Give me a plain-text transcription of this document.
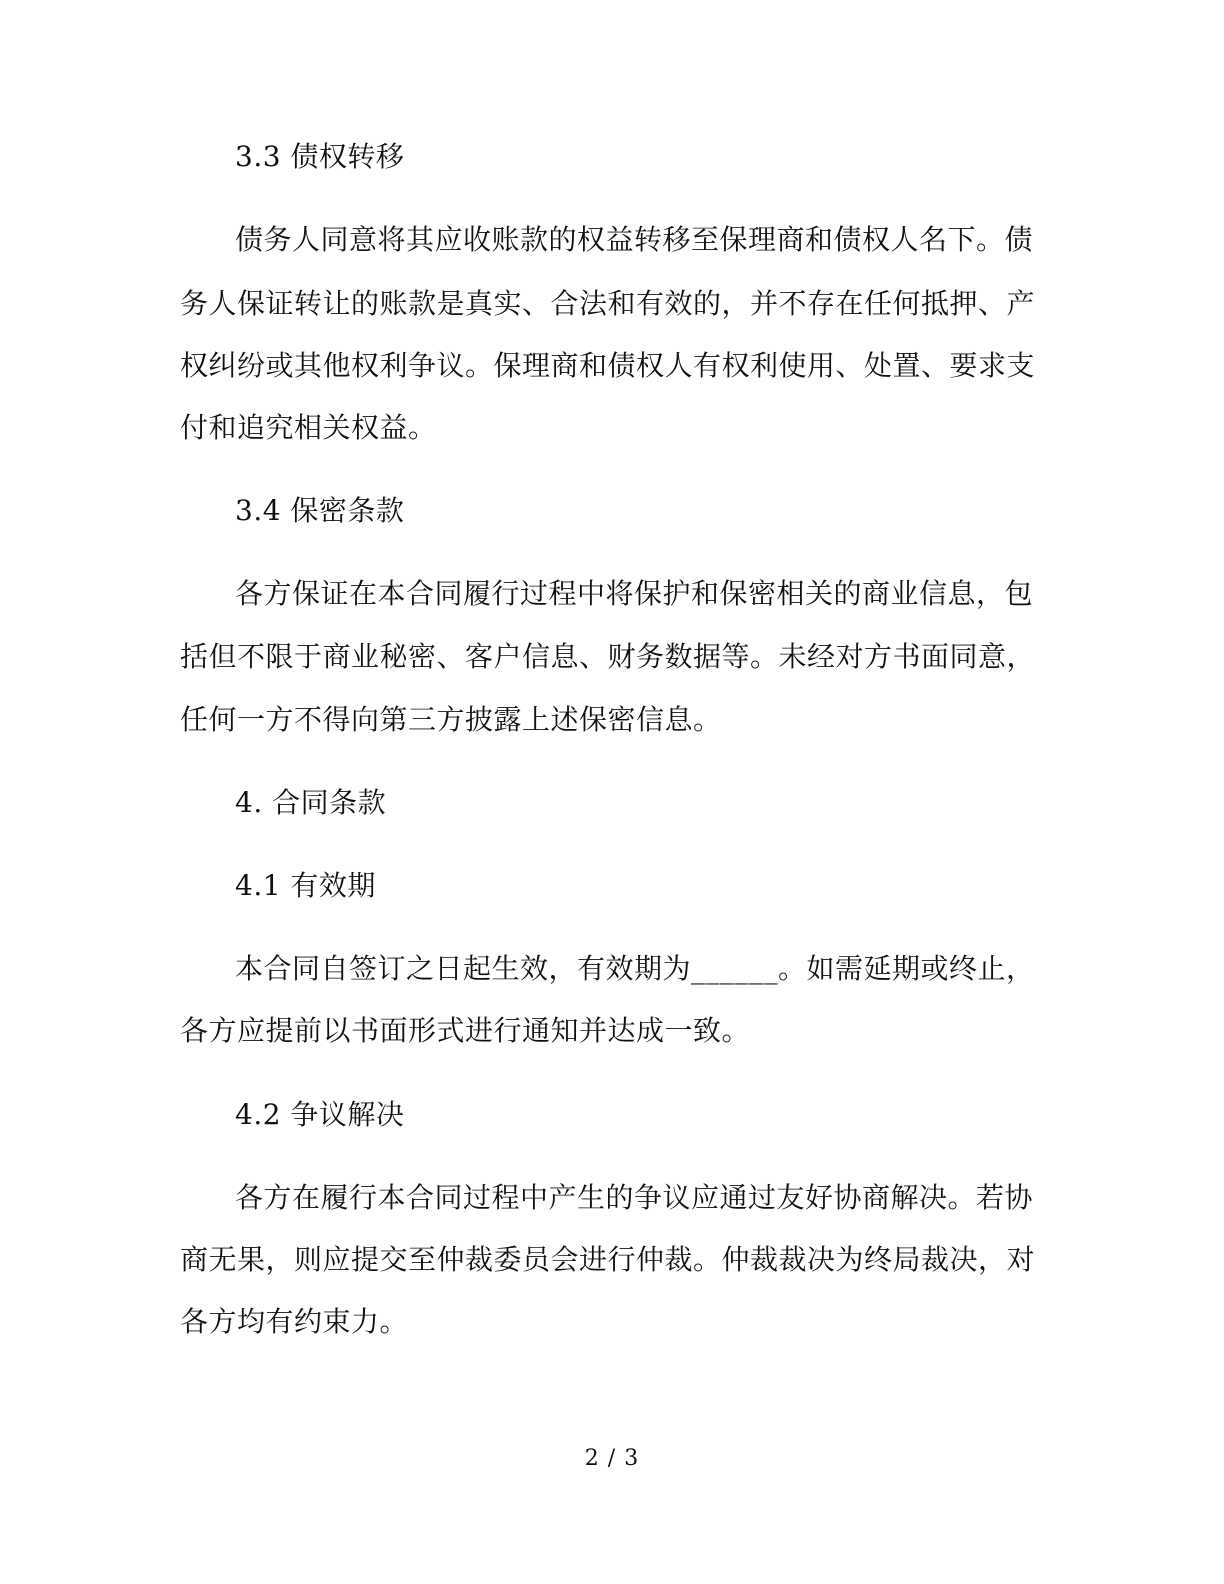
3.3 债权转移
债务人同意将其应收账款的权益转移至保理商和债权人名下。债
务人保证转让的账款是真实、合法和有效的，并不存在任何抵押、产
权纠纷或其他权利争议。保理商和债权人有权利使用、处置、要求支
付和追究相关权益。
3.4 保密条款
各方保证在本合同履行过程中将保护和保密相关的商业信息，包
括但不限于商业秘密、客户信息、财务数据等。未经对方书面同意，
任何一方不得向第三方披露上述保密信息。
4. 合同条款
4.1 有效期
本合同自签订之日起生效，有效期为______。如需延期或终止，
各方应提前以书面形式进行通知并达成一致。
4.2 争议解决
各方在履行本合同过程中产生的争议应通过友好协商解决。若协
商无果，则应提交至仲裁委员会进行仲裁。仲裁裁决为终局裁决，对
各方均有约束力。
2 / 3
